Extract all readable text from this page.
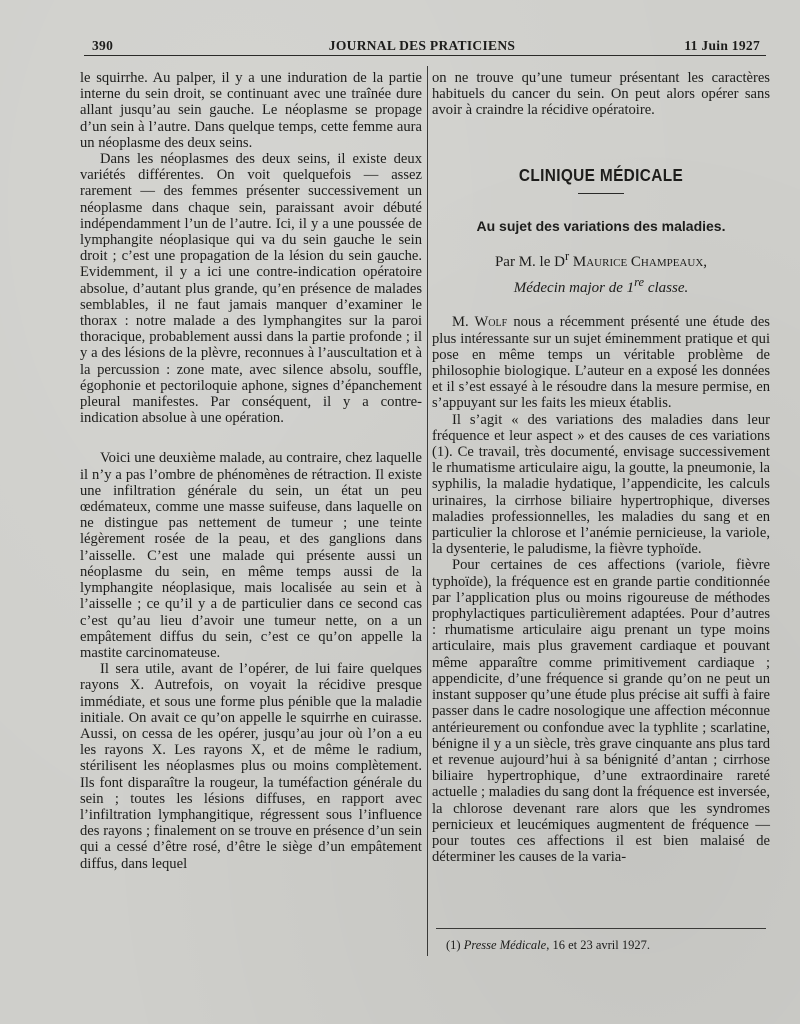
390	JOURNAL DES PRATICIENS	11 Juin 1927

le squirrhe. Au palper, il y a une induration de la partie interne du sein droit, se continuant avec une traînée dure allant jusqu’au sein gauche. Le néoplasme se propage d’un sein à l’autre. Dans quelque temps, cette femme aura un néoplasme des deux seins.

Dans les néoplasmes des deux seins, il existe deux variétés différentes. On voit quelquefois — assez rarement — des femmes présenter successivement un néoplasme dans chaque sein, paraissant avoir débuté indépendamment l’un de l’autre. Ici, il y a une poussée de lymphangite néoplasique qui va du sein gauche le sein droit ; c’est une propagation de la lésion du sein gauche. Evidemment, il y a ici une contre-indication opératoire absolue, d’autant plus grande, qu’en présence de malades semblables, il ne faut jamais manquer d’examiner le thorax : notre malade a des lymphangites sur la paroi thoracique, probablement aussi dans la partie profonde ; il y a des lésions de la plèvre, reconnues à l’auscultation et à la percussion : zone mate, avec silence absolu, souffle, égophonie et pectoriloquie aphone, signes d’épanchement pleural manifestes. Par conséquent, il y a contre-indication absolue à une opération.

Voici une deuxième malade, au contraire, chez laquelle il n’y a pas l’ombre de phénomènes de rétraction. Il existe une infiltration générale du sein, un état un peu œdémateux, comme une masse suifeuse, dans laquelle on ne distingue pas nettement de tumeur ; une teinte légèrement rosée de la peau, et des ganglions dans l’aisselle. C’est une malade qui présente aussi un néoplasme du sein, en même temps aussi de la lymphangite néoplasique, mais localisée au sein et à l’aisselle ; ce qu’il y a de particulier dans ce second cas c’est qu’au lieu d’avoir une tumeur nette, on a un empâtement diffus du sein, c’est ce qu’on appelle la mastite carcinomateuse.

Il sera utile, avant de l’opérer, de lui faire quelques rayons X. Autrefois, on voyait la récidive presque immédiate, et sous une forme plus pénible que la maladie initiale. On avait ce qu’on appelle le squirrhe en cuirasse. Aussi, on cessa de les opérer, jusqu’au jour où l’on a eu les rayons X. Les rayons X, et de même le radium, stérilisent les néoplasmes plus ou moins complètement. Ils font disparaître la rougeur, la tuméfaction générale du sein ; toutes les lésions diffuses, en rapport avec l’infiltration lymphangitique, régressent sous l’influence des rayons ; finalement on se trouve en présence d’un sein qui a cessé d’être rosé, d’être le siège d’un empâtement diffus, dans lequel

on ne trouve qu’une tumeur présentant les caractères habituels du cancer du sein. On peut alors opérer sans avoir à craindre la récidive opératoire.

CLINIQUE MÉDICALE
Au sujet des variations des maladies.
Par M. le $D^r$ Maurice Champeaux,
Médecin major de 1re classe.

M. Wolf nous a récemment présenté une étude des plus intéressante sur un sujet éminemment pratique et qui pose en même temps un véritable problème de philosophie biologique. L’auteur en a exposé les données et il s’est essayé à le résoudre dans la mesure permise, en s’appuyant sur les faits les mieux établis.

Il s’agit « des variations des maladies dans leur fréquence et leur aspect » et des causes de ces variations (1). Ce travail, très documenté, envisage successivement le rhumatisme articulaire aigu, la goutte, la pneumonie, la syphilis, la maladie hydatique, l’appendicite, les calculs urinaires, la cirrhose biliaire hypertrophique, diverses maladies professionnelles, les maladies du sang et en particulier la chlorose et l’anémie pernicieuse, la variole, la dysenterie, le paludisme, la fièvre typhoïde.

Pour certaines de ces affections (variole, fièvre typhoïde), la fréquence est en grande partie conditionnée par l’application plus ou moins rigoureuse de méthodes prophylactiques particulièrement adaptées. Pour d’autres : rhumatisme articulaire aigu prenant un type moins articulaire, mais plus gravement cardiaque et pouvant même apparaître comme primitivement cardiaque ; appendicite, d’une fréquence si grande qu’on ne peut un instant supposer qu’une étude plus précise ait suffi à faire passer dans le cadre nosologique une affection méconnue antérieurement ou confondue avec la typhlite ; scarlatine, bénigne il y a un siècle, très grave cinquante ans plus tard et revenue aujourd’hui à sa bénignité d’antan ; cirrhose biliaire hypertrophique, d’une extraordinaire rareté actuelle ; maladies du sang dont la fréquence est inversée, la chlorose devenant rare alors que les syndromes pernicieux et leucémiques augmentent de fréquence — pour toutes ces affections il est bien malaisé de déterminer les causes de la varia-

(1) Presse Médicale, 16 et 23 avril 1927.
